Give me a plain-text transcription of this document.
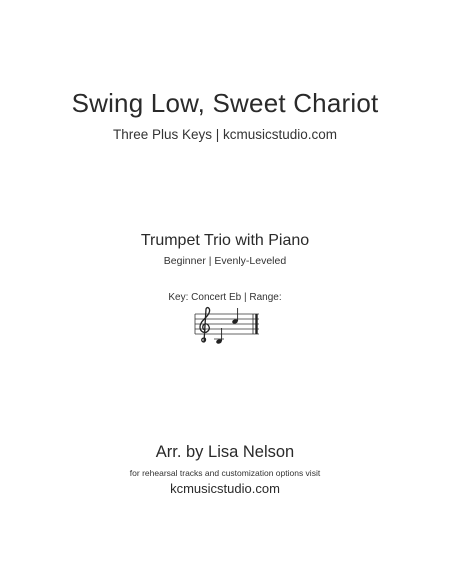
Swing Low, Sweet Chariot
Three Plus Keys | kcmusicstudio.com
Trumpet Trio with Piano
Beginner | Evenly-Leveled
Key: Concert Eb | Range:
Arr. by Lisa Nelson
for rehearsal tracks and customization options visit
kcmusicstudio.com
